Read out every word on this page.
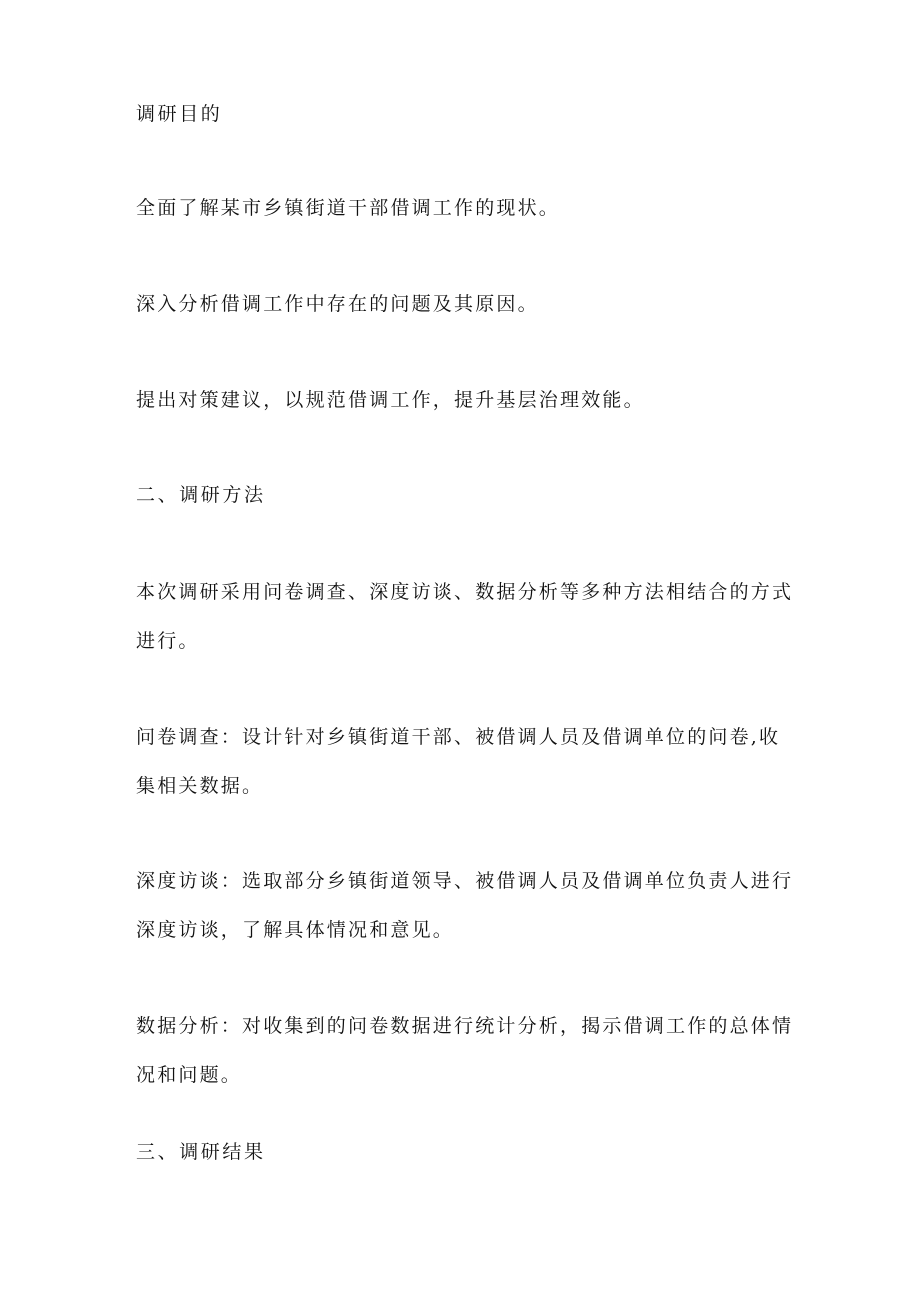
调研目的
全面了解某市乡镇街道干部借调工作的现状。
深入分析借调工作中存在的问题及其原因。
提出对策建议，以规范借调工作，提升基层治理效能。
二、调研方法
本次调研采用问卷调查、深度访谈、数据分析等多种方法相结合的方式进行。
问卷调查：设计针对乡镇街道干部、被借调人员及借调单位的问卷,收集相关数据。
深度访谈：选取部分乡镇街道领导、被借调人员及借调单位负责人进行深度访谈，了解具体情况和意见。
数据分析：对收集到的问卷数据进行统计分析，揭示借调工作的总体情况和问题。
三、调研结果
